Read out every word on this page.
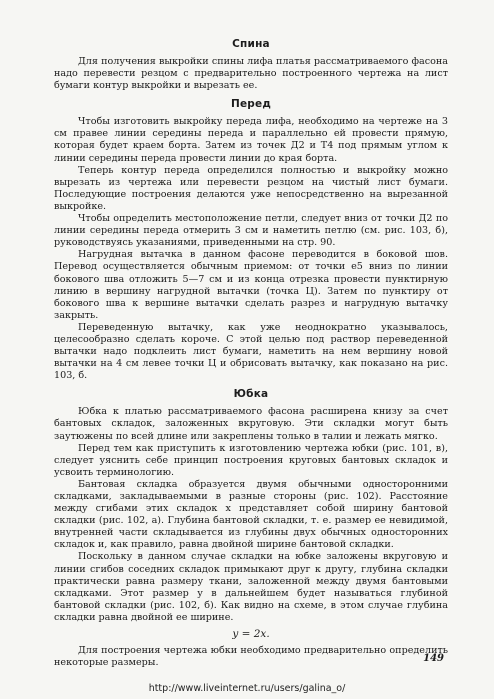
Спина

Для получения выкройки спины лифа платья рассматриваемого фасона надо перевести резцом с предварительно построенного чертежа на лист бумаги контур выкройки и вырезать ее.

Перед

Чтобы изготовить выкройку переда лифа, необходимо на чертеже на 3 см правее линии середины переда и параллельно ей провести прямую, которая будет краем борта. Затем из точек Д2 и Т4 под прямым углом к линии середины переда провести линии до края борта.

Теперь контур переда определился полностью и выкройку можно вырезать из чертежа или перевести резцом на чистый лист бумаги. Последующие построения делаются уже непосредственно на вырезанной выкройке.

Чтобы определить местоположение петли, следует вниз от точки Д2 по линии середины переда отмерить 3 см и наметить петлю (см. рис. 103, б), руководствуясь указаниями, приведенными на стр. 90.

Нагрудная вытачка в данном фасоне переводится в боковой шов. Перевод осуществляется обычным приемом: от точки е5 вниз по линии бокового шва отложить 5—7 см и из конца отрезка провести пунктирную линию в вершину нагрудной вытачки (точка Ц). Затем по пунктиру от бокового шва к вершине вытачки сделать разрез и нагрудную вытачку закрыть.

Переведенную вытачку, как уже неоднократно указывалось, целесообразно сделать короче. С этой целью под раствор переведенной вытачки надо подклеить лист бумаги, наметить на нем вершину новой вытачки на 4 см левее точки Ц и обрисовать вытачку, как показано на рис. 103, б.

Юбка

Юбка к платью рассматриваемого фасона расширена книзу за счет бантовых складок, заложенных вкруговую. Эти складки могут быть заутюжены по всей длине или закреплены только в талии и лежать мягко.

Перед тем как приступить к изготовлению чертежа юбки (рис. 101, в), следует уяснить себе принцип построения круговых бантовых складок и усвоить терминологию.

Бантовая складка образуется двумя обычными односторонними складками, закладываемыми в разные стороны (рис. 102). Расстояние между сгибами этих складок x представляет собой ширину бантовой складки (рис. 102, а). Глубина бантовой складки, т. е. размер ее невидимой, внутренней части складывается из глубины двух обычных односторонних складок и, как правило, равна двойной ширине бантовой складки.

Поскольку в данном случае складки на юбке заложены вкруговую и линии сгибов соседних складок примыкают друг к другу, глубина складки практически равна размеру ткани, заложенной между двумя бантовыми складками. Этот размер y в дальнейшем будет называться глубиной бантовой складки (рис. 102, б). Как видно на схеме, в этом случае глубина складки равна двойной ее ширине.

y = 2x.

Для построения чертежа юбки необходимо предварительно определить некоторые размеры.	149
http://www.liveinternet.ru/users/galina_o/
